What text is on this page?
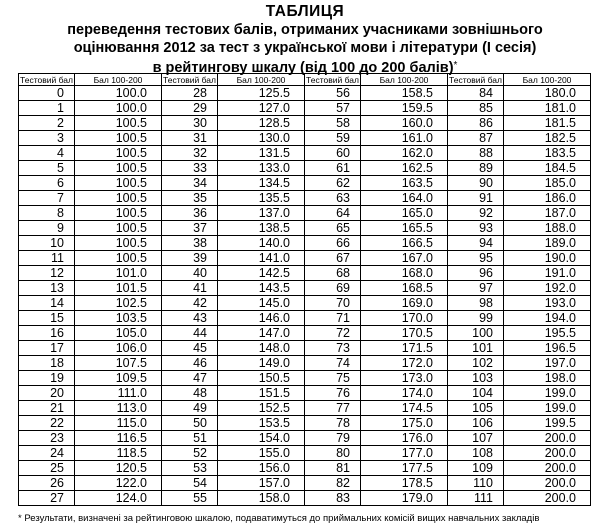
ТАБЛИЦЯ
переведення тестових балів, отриманих учасниками зовнішнього
оцінювання 2012 за тест з української мови і літератури (І сесія)
в рейтингову шкалу (від 100 до 200 балів)*
Тестовий бал	Бал 100-200	Тестовий бал	Бал 100-200	Тестовий бал	Бал 100-200	Тестовий бал	Бал 100-200
0	100.0	28	125.5	56	158.5	84	180.0
1	100.0	29	127.0	57	159.5	85	181.0
2	100.5	30	128.5	58	160.0	86	181.5
3	100.5	31	130.0	59	161.0	87	182.5
4	100.5	32	131.5	60	162.0	88	183.5
5	100.5	33	133.0	61	162.5	89	184.5
6	100.5	34	134.5	62	163.5	90	185.0
7	100.5	35	135.5	63	164.0	91	186.0
8	100.5	36	137.0	64	165.0	92	187.0
9	100.5	37	138.5	65	165.5	93	188.0
10	100.5	38	140.0	66	166.5	94	189.0
11	100.5	39	141.0	67	167.0	95	190.0
12	101.0	40	142.5	68	168.0	96	191.0
13	101.5	41	143.5	69	168.5	97	192.0
14	102.5	42	145.0	70	169.0	98	193.0
15	103.5	43	146.0	71	170.0	99	194.0
16	105.0	44	147.0	72	170.5	100	195.5
17	106.0	45	148.0	73	171.5	101	196.5
18	107.5	46	149.0	74	172.0	102	197.0
19	109.5	47	150.5	75	173.0	103	198.0
20	111.0	48	151.5	76	174.0	104	199.0
21	113.0	49	152.5	77	174.5	105	199.0
22	115.0	50	153.5	78	175.0	106	199.5
23	116.5	51	154.0	79	176.0	107	200.0
24	118.5	52	155.0	80	177.0	108	200.0
25	120.5	53	156.0	81	177.5	109	200.0
26	122.0	54	157.0	82	178.5	110	200.0
27	124.0	55	158.0	83	179.0	111	200.0
* Результати, визначені за рейтинговою шкалою, подаватимуться до приймальних комісій вищих навчальних закладів
